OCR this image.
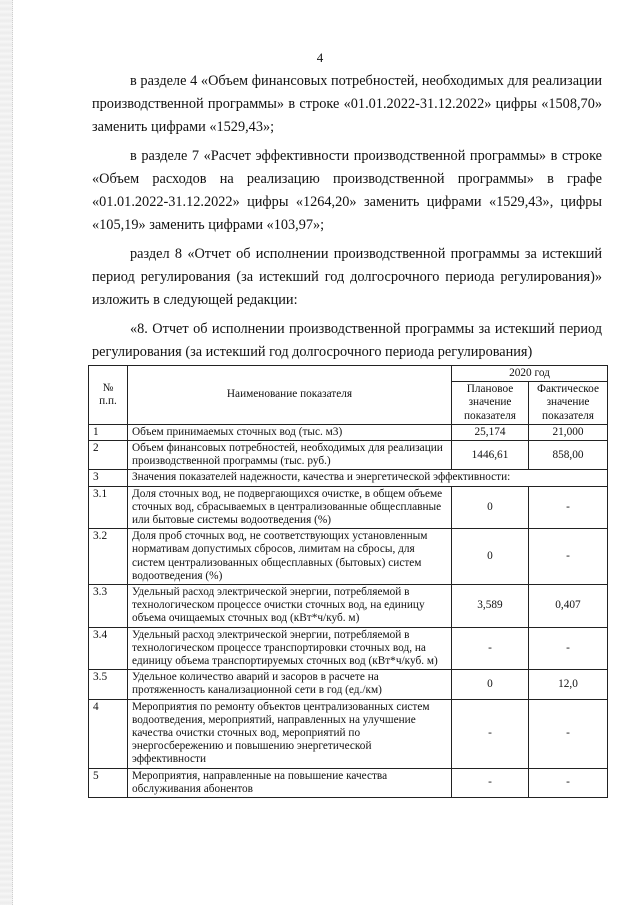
4

в разделе 4 «Объем финансовых потребностей, необходимых для реализации производственной программы» в строке «01.01.2022-31.12.2022» цифры «1508,70» заменить цифрами «1529,43»;

в разделе 7 «Расчет эффективности производственной программы» в строке «Объем расходов на реализацию производственной программы» в графе «01.01.2022-31.12.2022» цифры «1264,20» заменить цифрами «1529,43», цифры «105,19» заменить цифрами «103,97»;

раздел 8 «Отчет об исполнении производственной программы за истекший период регулирования (за истекший год долгосрочного периода регулирования)» изложить в следующей редакции:

«8. Отчет об исполнении производственной программы за истекший период регулирования (за истекший год долгосрочного периода регулирования)

№ п.п.	Наименование показателя	2020 год	
		Плановое значение показателя	Фактическое значение показателя
1	Объем принимаемых сточных вод (тыс. м3)	25,174	21,000
2	Объем финансовых потребностей, необходимых для реализации производственной программы (тыс. руб.)	1446,61	858,00
3	Значения показателей надежности, качества и энергетической эффективности:		
3.1	Доля сточных вод, не подвергающихся очистке, в общем объеме сточных вод, сбрасываемых в централизованные общесплавные или бытовые системы водоотведения (%)	0	-
3.2	Доля проб сточных вод, не соответствующих установленным нормативам допустимых сбросов, лимитам на сбросы, для систем централизованных общесплавных (бытовых) систем водоотведения (%)	0	-
3.3	Удельный расход электрической энергии, потребляемой в технологическом процессе очистки сточных вод, на единицу объема очищаемых сточных вод (кВт*ч/куб. м)	3,589	0,407
3.4	Удельный расход электрической энергии, потребляемой в технологическом процессе транспортировки сточных вод, на единицу объема транспортируемых сточных вод (кВт*ч/куб. м)	-	-
3.5	Удельное количество аварий и засоров в расчете на протяженность канализационной сети в год (ед./км)	0	12,0
4	Мероприятия по ремонту объектов централизованных систем водоотведения, мероприятий, направленных на улучшение качества очистки сточных вод, мероприятий по энергосбережению и повышению энергетической эффективности	-	-
5	Мероприятия, направленные на повышение качества обслуживания абонентов	-	-
